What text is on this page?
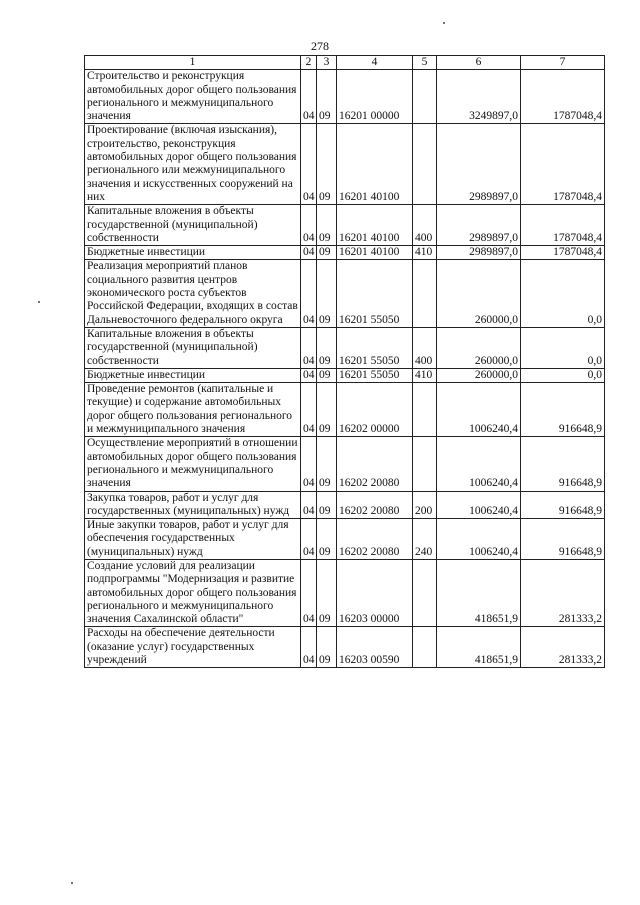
278
1	2	3	4	5	6	7
Строительство и реконструкция автомобильных дорог общего пользования регионального и межмуниципального значения	04	09	16201 00000		3249897,0	1787048,4
Проектирование (включая изыскания), строительство, реконструкция автомобильных дорог общего пользования регионального или межмуниципального значения и искусственных сооружений на них	04	09	16201 40100		2989897,0	1787048,4
Капитальные вложения в объекты государственной (муниципальной) собственности	04	09	16201 40100	400	2989897,0	1787048,4
Бюджетные инвестиции	04	09	16201 40100	410	2989897,0	1787048,4
Реализация мероприятий планов социального развития центров экономического роста субъектов Российской Федерации, входящих в состав Дальневосточного федерального округа	04	09	16201 55050		260000,0	0,0
Капитальные вложения в объекты государственной (муниципальной) собственности	04	09	16201 55050	400	260000,0	0,0
Бюджетные инвестиции	04	09	16201 55050	410	260000,0	0,0
Проведение ремонтов (капитальные и текущие) и содержание автомобильных дорог общего пользования регионального и межмуниципального значения	04	09	16202 00000		1006240,4	916648,9
Осуществление мероприятий в отношении автомобильных дорог общего пользования регионального и межмуниципального значения	04	09	16202 20080		1006240,4	916648,9
Закупка товаров, работ и услуг для государственных (муниципальных) нужд	04	09	16202 20080	200	1006240,4	916648,9
Иные закупки товаров, работ и услуг для обеспечения государственных (муниципальных) нужд	04	09	16202 20080	240	1006240,4	916648,9
Создание условий для реализации подпрограммы "Модернизация и развитие автомобильных дорог общего пользования регионального и межмуниципального значения Сахалинской области"	04	09	16203 00000		418651,9	281333,2
Расходы на обеспечение деятельности (оказание услуг) государственных учреждений	04	09	16203 00590		418651,9	281333,2
